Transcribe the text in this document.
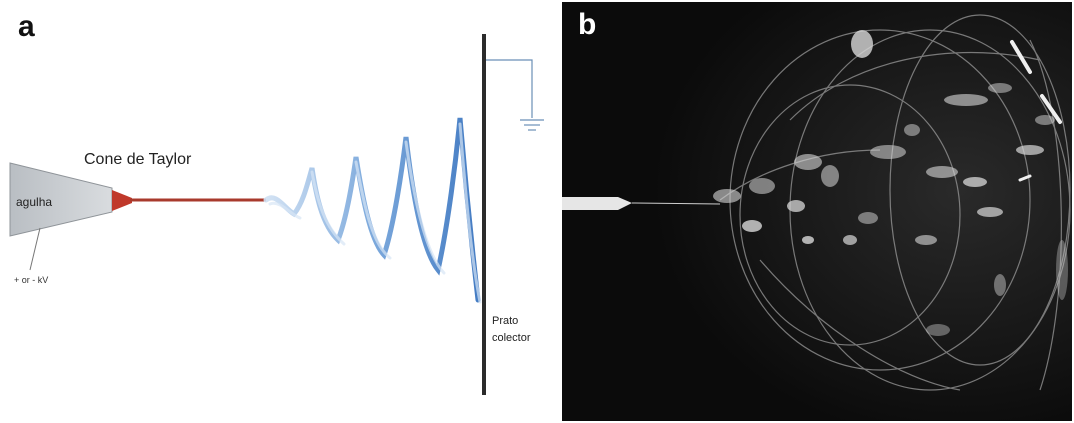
a
agulha
Cone de Taylor
+ or - kV
Prato
colector
b
